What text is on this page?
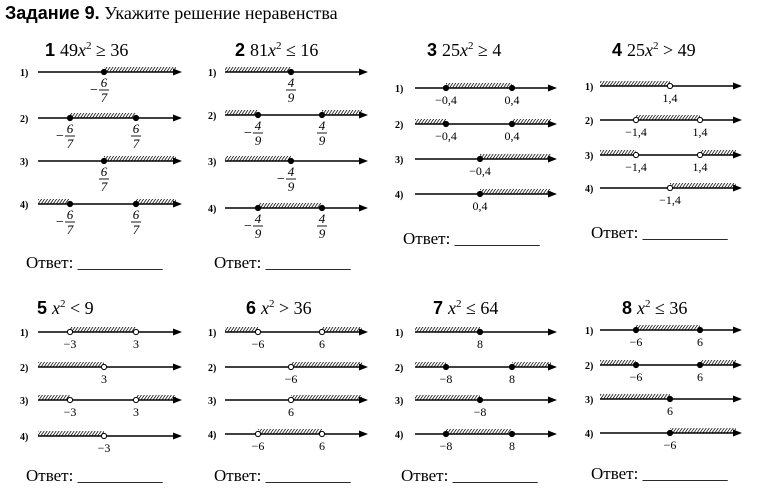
Задание 9. Укажите решение неравенства
1 $49x^2 \ge 36$
1)
−
6
7
2)
−
6
7
6
7
3)
6
7
4)
−
6
7
6
7
2 $81x^2 \le 16$
1)
4
9
2)
−
4
9
4
9
3)
−
4
9
4)
−
4
9
4
9
3 $25x^2 \ge 4$
1)
−0,4	0,4
2)
−0,4	0,4
3)
−0,4
4)
0,4
4 $25x^2 > 49$
1)
1,4
2)
−1,4	1,4
3)
−1,4	1,4
4)
−1,4
5 $x^2 < 9$
1)
−3	3
2)
3
3)
−3	3
4)
−3
6 $x^2 > 36$
1)
−6	6
2)
−6
3)
6
4)
−6	6
7 $x^2 \le 64$
1)
8
2)
−8	8
3)
−8
4)
−8	8
8 $x^2 \le 36$
1)
−6	6
2)
−6	6
3)
6
4)
−6
Ответ: __________	Ответ: __________
Ответ: __________	Ответ: __________
Ответ: __________	Ответ: __________	Ответ: __________	Ответ: __________
